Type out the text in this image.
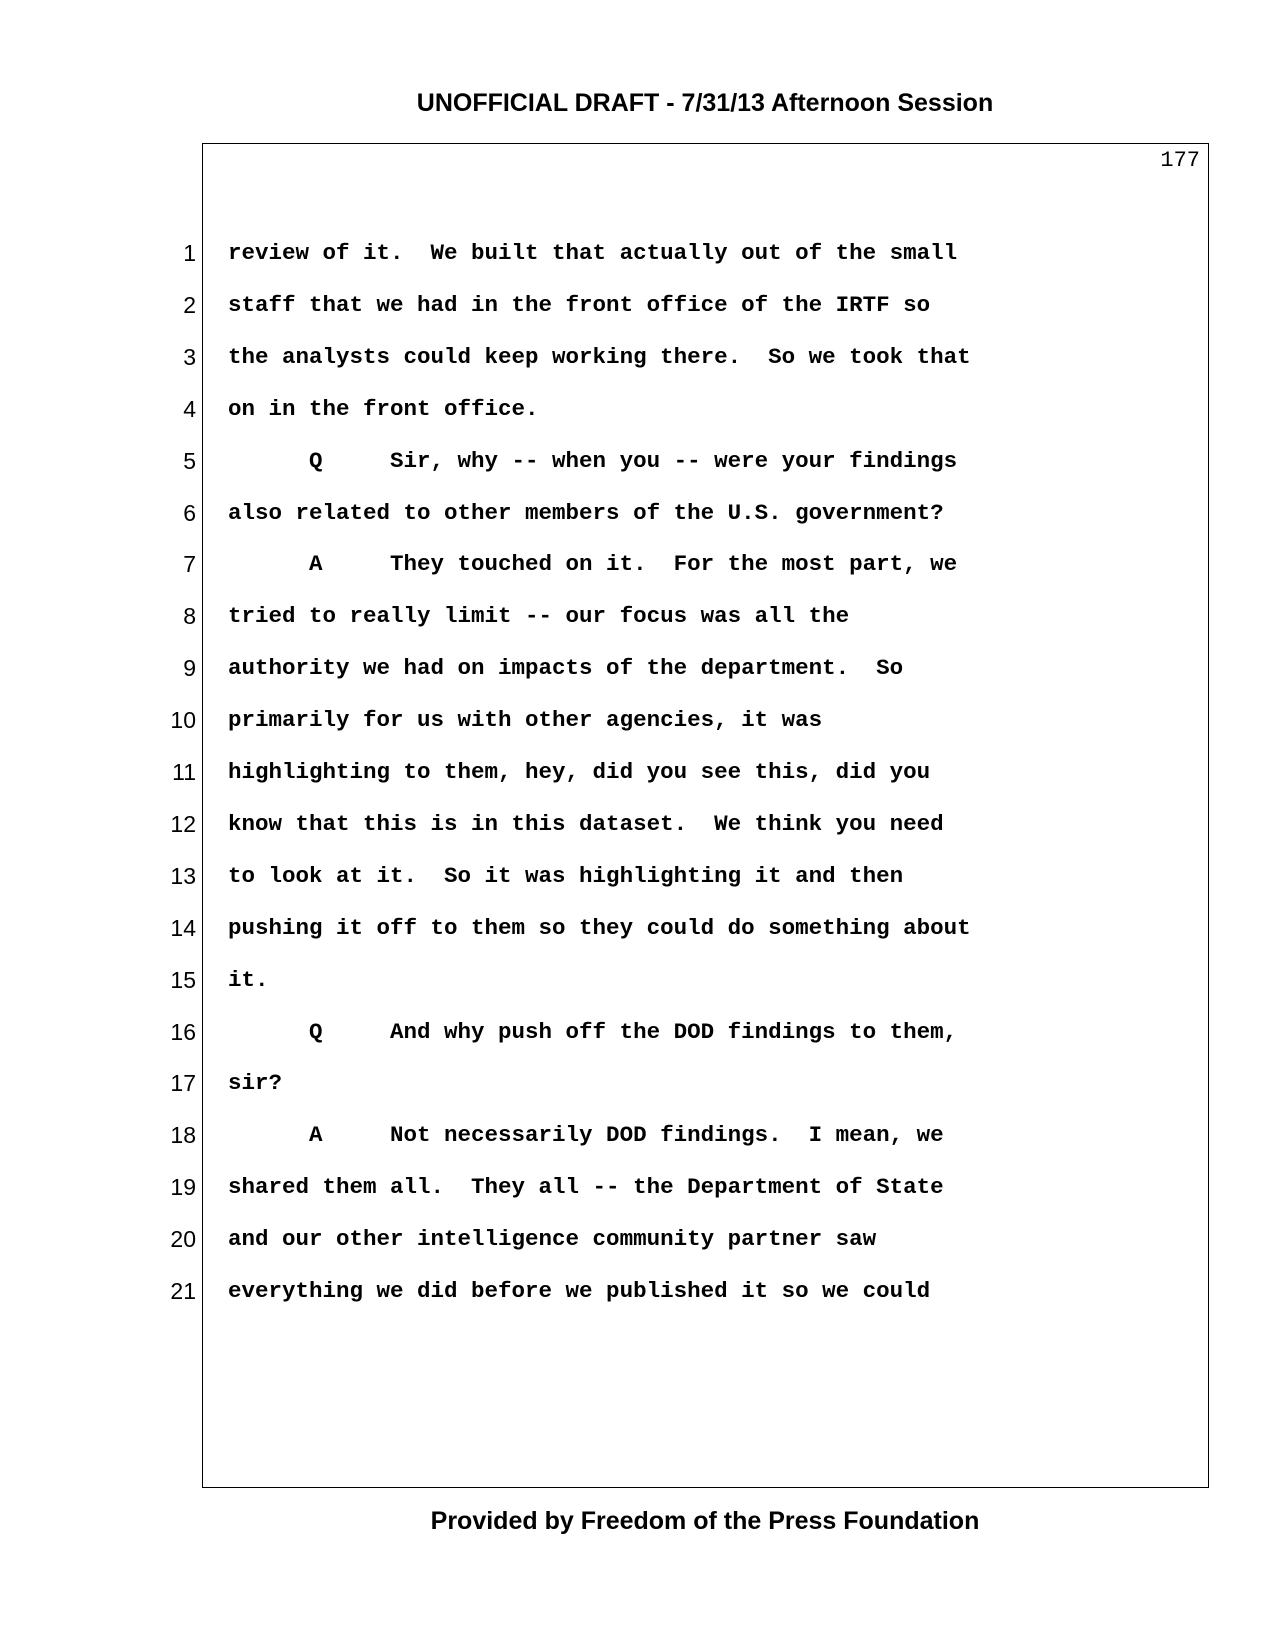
UNOFFICIAL DRAFT - 7/31/13 Afternoon Session
177
1 review of it.  We built that actually out of the small
2 staff that we had in the front office of the IRTF so
3 the analysts could keep working there.  So we took that
4 on in the front office.
5 Q     Sir, why -- when you -- were your findings
6 also related to other members of the U.S. government?
7 A     They touched on it.  For the most part, we
8 tried to really limit -- our focus was all the
9 authority we had on impacts of the department.  So
10 primarily for us with other agencies, it was
11 highlighting to them, hey, did you see this, did you
12 know that this is in this dataset.  We think you need
13 to look at it.  So it was highlighting it and then
14 pushing it off to them so they could do something about
15 it.
16 Q     And why push off the DOD findings to them,
17 sir?
18 A     Not necessarily DOD findings.  I mean, we
19 shared them all.  They all -- the Department of State
20 and our other intelligence community partner saw
21 everything we did before we published it so we could
Provided by Freedom of the Press Foundation
